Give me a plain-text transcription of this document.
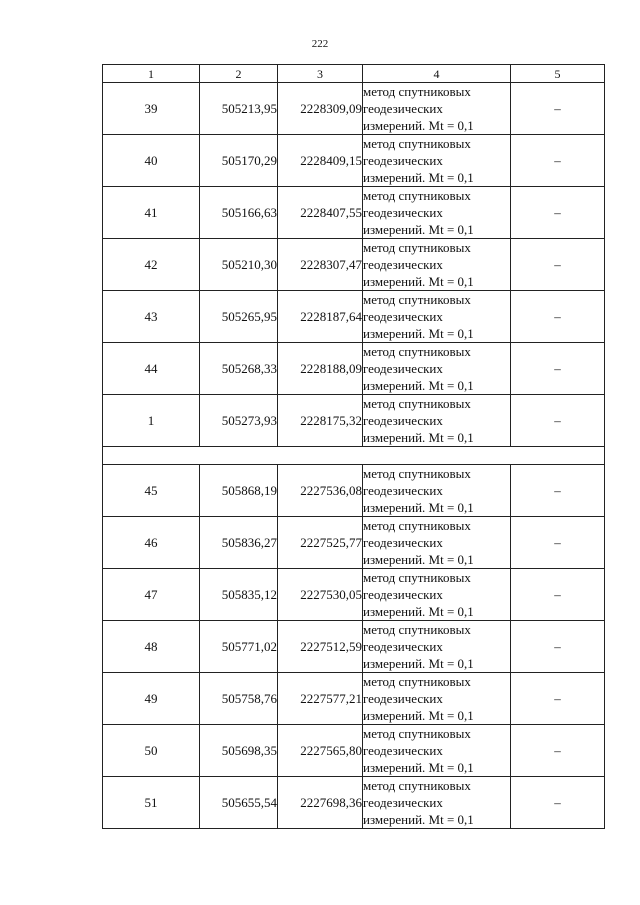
222
1	2	3	4	5
39	505213,95	2228309,09	метод спутниковых
геодезических
измерений. Mt = 0,1	–
40	505170,29	2228409,15	метод спутниковых
геодезических
измерений. Mt = 0,1	–
41	505166,63	2228407,55	метод спутниковых
геодезических
измерений. Mt = 0,1	–
42	505210,30	2228307,47	метод спутниковых
геодезических
измерений. Mt = 0,1	–
43	505265,95	2228187,64	метод спутниковых
геодезических
измерений. Mt = 0,1	–
44	505268,33	2228188,09	метод спутниковых
геодезических
измерений. Mt = 0,1	–
1	505273,93	2228175,32	метод спутниковых
геодезических
измерений. Mt = 0,1	–

45	505868,19	2227536,08	метод спутниковых
геодезических
измерений. Mt = 0,1	–
46	505836,27	2227525,77	метод спутниковых
геодезических
измерений. Mt = 0,1	–
47	505835,12	2227530,05	метод спутниковых
геодезических
измерений. Mt = 0,1	–
48	505771,02	2227512,59	метод спутниковых
геодезических
измерений. Mt = 0,1	–
49	505758,76	2227577,21	метод спутниковых
геодезических
измерений. Mt = 0,1	–
50	505698,35	2227565,80	метод спутниковых
геодезических
измерений. Mt = 0,1	–
51	505655,54	2227698,36	метод спутниковых
геодезических
измерений. Mt = 0,1	–
